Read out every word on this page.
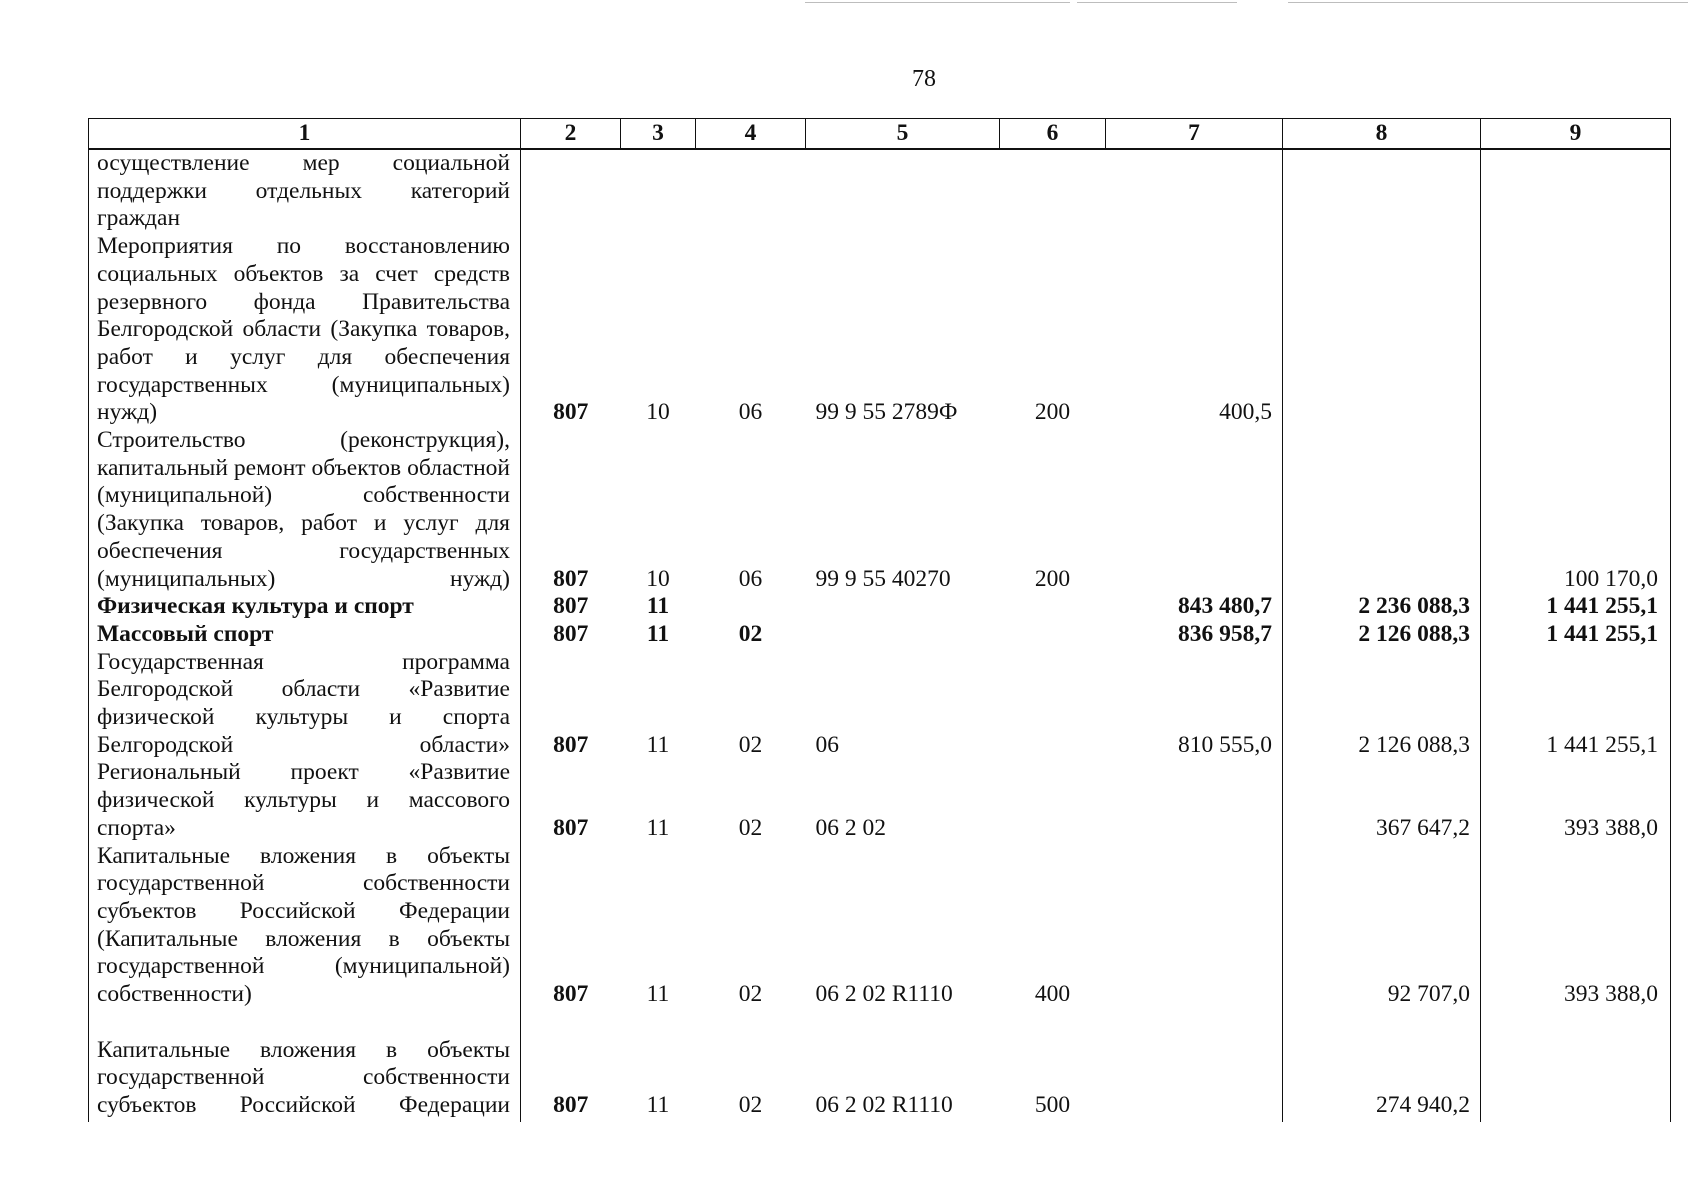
78
1	2	3	4	5	6	7	8	9
осуществление мер социальной поддержки отдельных категорий граждан								
Мероприятия по восстановлению социальных объектов за счет средств резервного фонда Правительства Белгородской области (Закупка товаров, работ и услуг для обеспечения государственных (муниципальных) нужд)	807	10	06	99 9 55 2789Ф	200	400,5		
Строительство (реконструкция), капитальный ремонт объектов областной (муниципальной) собственности (Закупка товаров, работ и услуг для обеспечения государственных (муниципальных) нужд)	807	10	06	99 9 55 40270	200			100 170,0
Физическая культура и спорт	807	11				843 480,7	2 236 088,3	1 441 255,1
Массовый спорт	807	11	02			836 958,7	2 126 088,3	1 441 255,1
Государственная программа Белгородской области «Развитие физической культуры и спорта Белгородской области»	807	11	02	06		810 555,0	2 126 088,3	1 441 255,1
Региональный проект «Развитие физической культуры и массового спорта»	807	11	02	06 2 02			367 647,2	393 388,0
Капитальные вложения в объекты государственной собственности субъектов Российской Федерации (Капитальные вложения в объекты государственной (муниципальной) собственности)	807	11	02	06 2 02 R1110	400		92 707,0	393 388,0
Капитальные вложения в объекты государственной собственности субъектов Российской Федерации	807	11	02	06 2 02 R1110	500		274 940,2	
